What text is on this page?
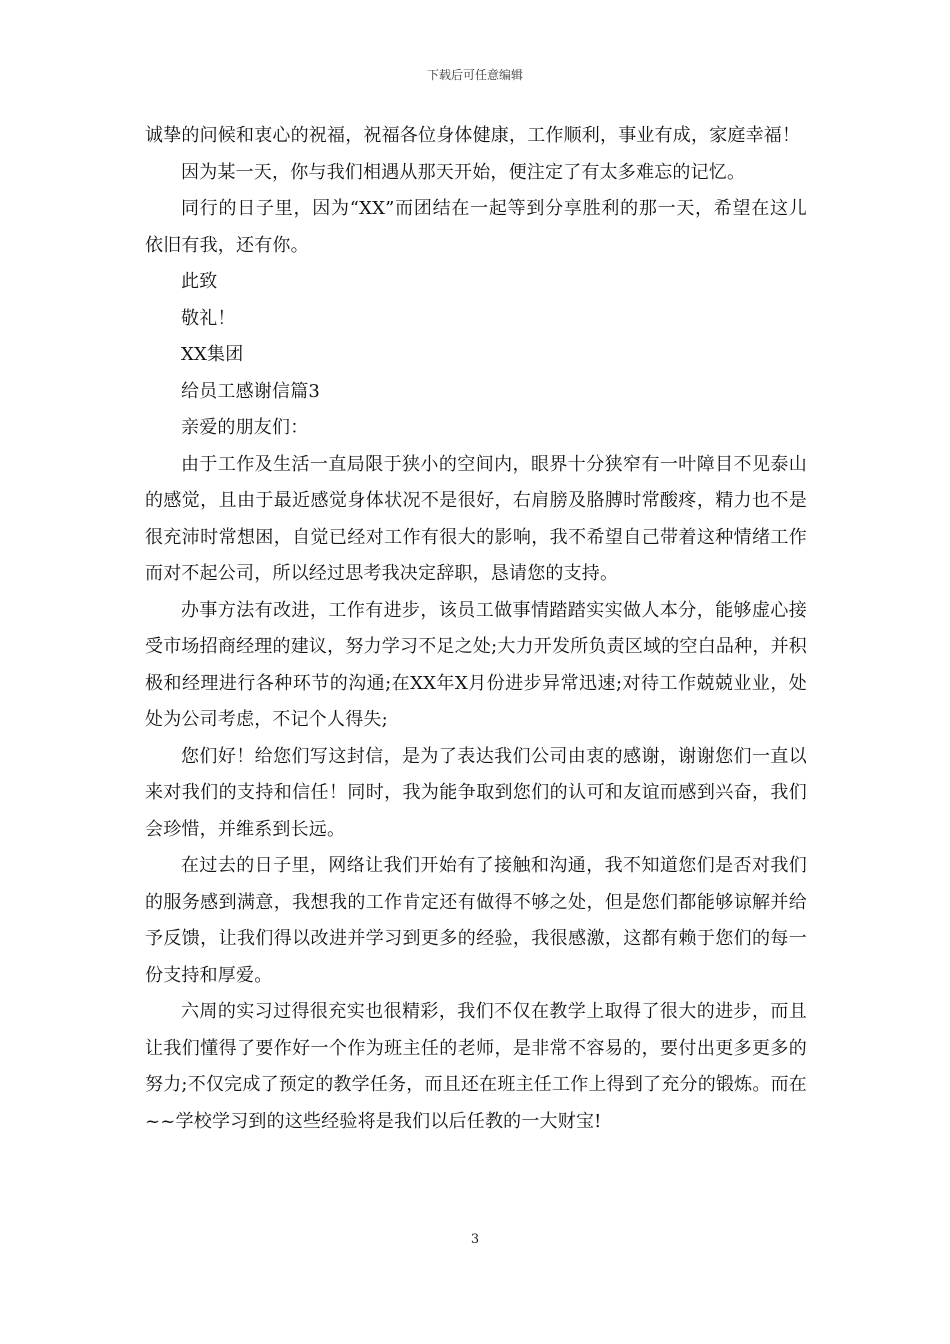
下载后可任意编辑

诚挚的问候和衷心的祝福，祝福各位身体健康，工作顺利，事业有成，家庭幸福！

因为某一天，你与我们相遇从那天开始，便注定了有太多难忘的记忆。

同行的日子里，因为“XX”而团结在一起等到分享胜利的那一天，希望在这儿依旧有我，还有你。

此致

敬礼！

XX集团

给员工感谢信篇3

亲爱的朋友们：

由于工作及生活一直局限于狭小的空间内，眼界十分狭窄有一叶障目不见泰山的感觉，且由于最近感觉身体状况不是很好，右肩膀及胳膊时常酸疼，精力也不是很充沛时常想困，自觉已经对工作有很大的影响，我不希望自己带着这种情绪工作而对不起公司，所以经过思考我决定辞职，恳请您的支持。

办事方法有改进，工作有进步，该员工做事情踏踏实实做人本分，能够虚心接受市场招商经理的建议，努力学习不足之处;大力开发所负责区域的空白品种，并积极和经理进行各种环节的沟通;在XX年X月份进步异常迅速;对待工作兢兢业业，处处为公司考虑，不记个人得失;

您们好！给您们写这封信，是为了表达我们公司由衷的感谢，谢谢您们一直以来对我们的支持和信任！同时，我为能争取到您们的认可和友谊而感到兴奋，我们会珍惜，并维系到长远。

在过去的日子里，网络让我们开始有了接触和沟通，我不知道您们是否对我们的服务感到满意，我想我的工作肯定还有做得不够之处，但是您们都能够谅解并给予反馈，让我们得以改进并学习到更多的经验，我很感激，这都有赖于您们的每一份支持和厚爱。

六周的实习过得很充实也很精彩，我们不仅在教学上取得了很大的进步，而且让我们懂得了要作好一个作为班主任的老师，是非常不容易的，要付出更多更多的努力;不仅完成了预定的教学任务，而且还在班主任工作上得到了充分的锻炼。而在~~学校学习到的这些经验将是我们以后任教的一大财宝!

3
